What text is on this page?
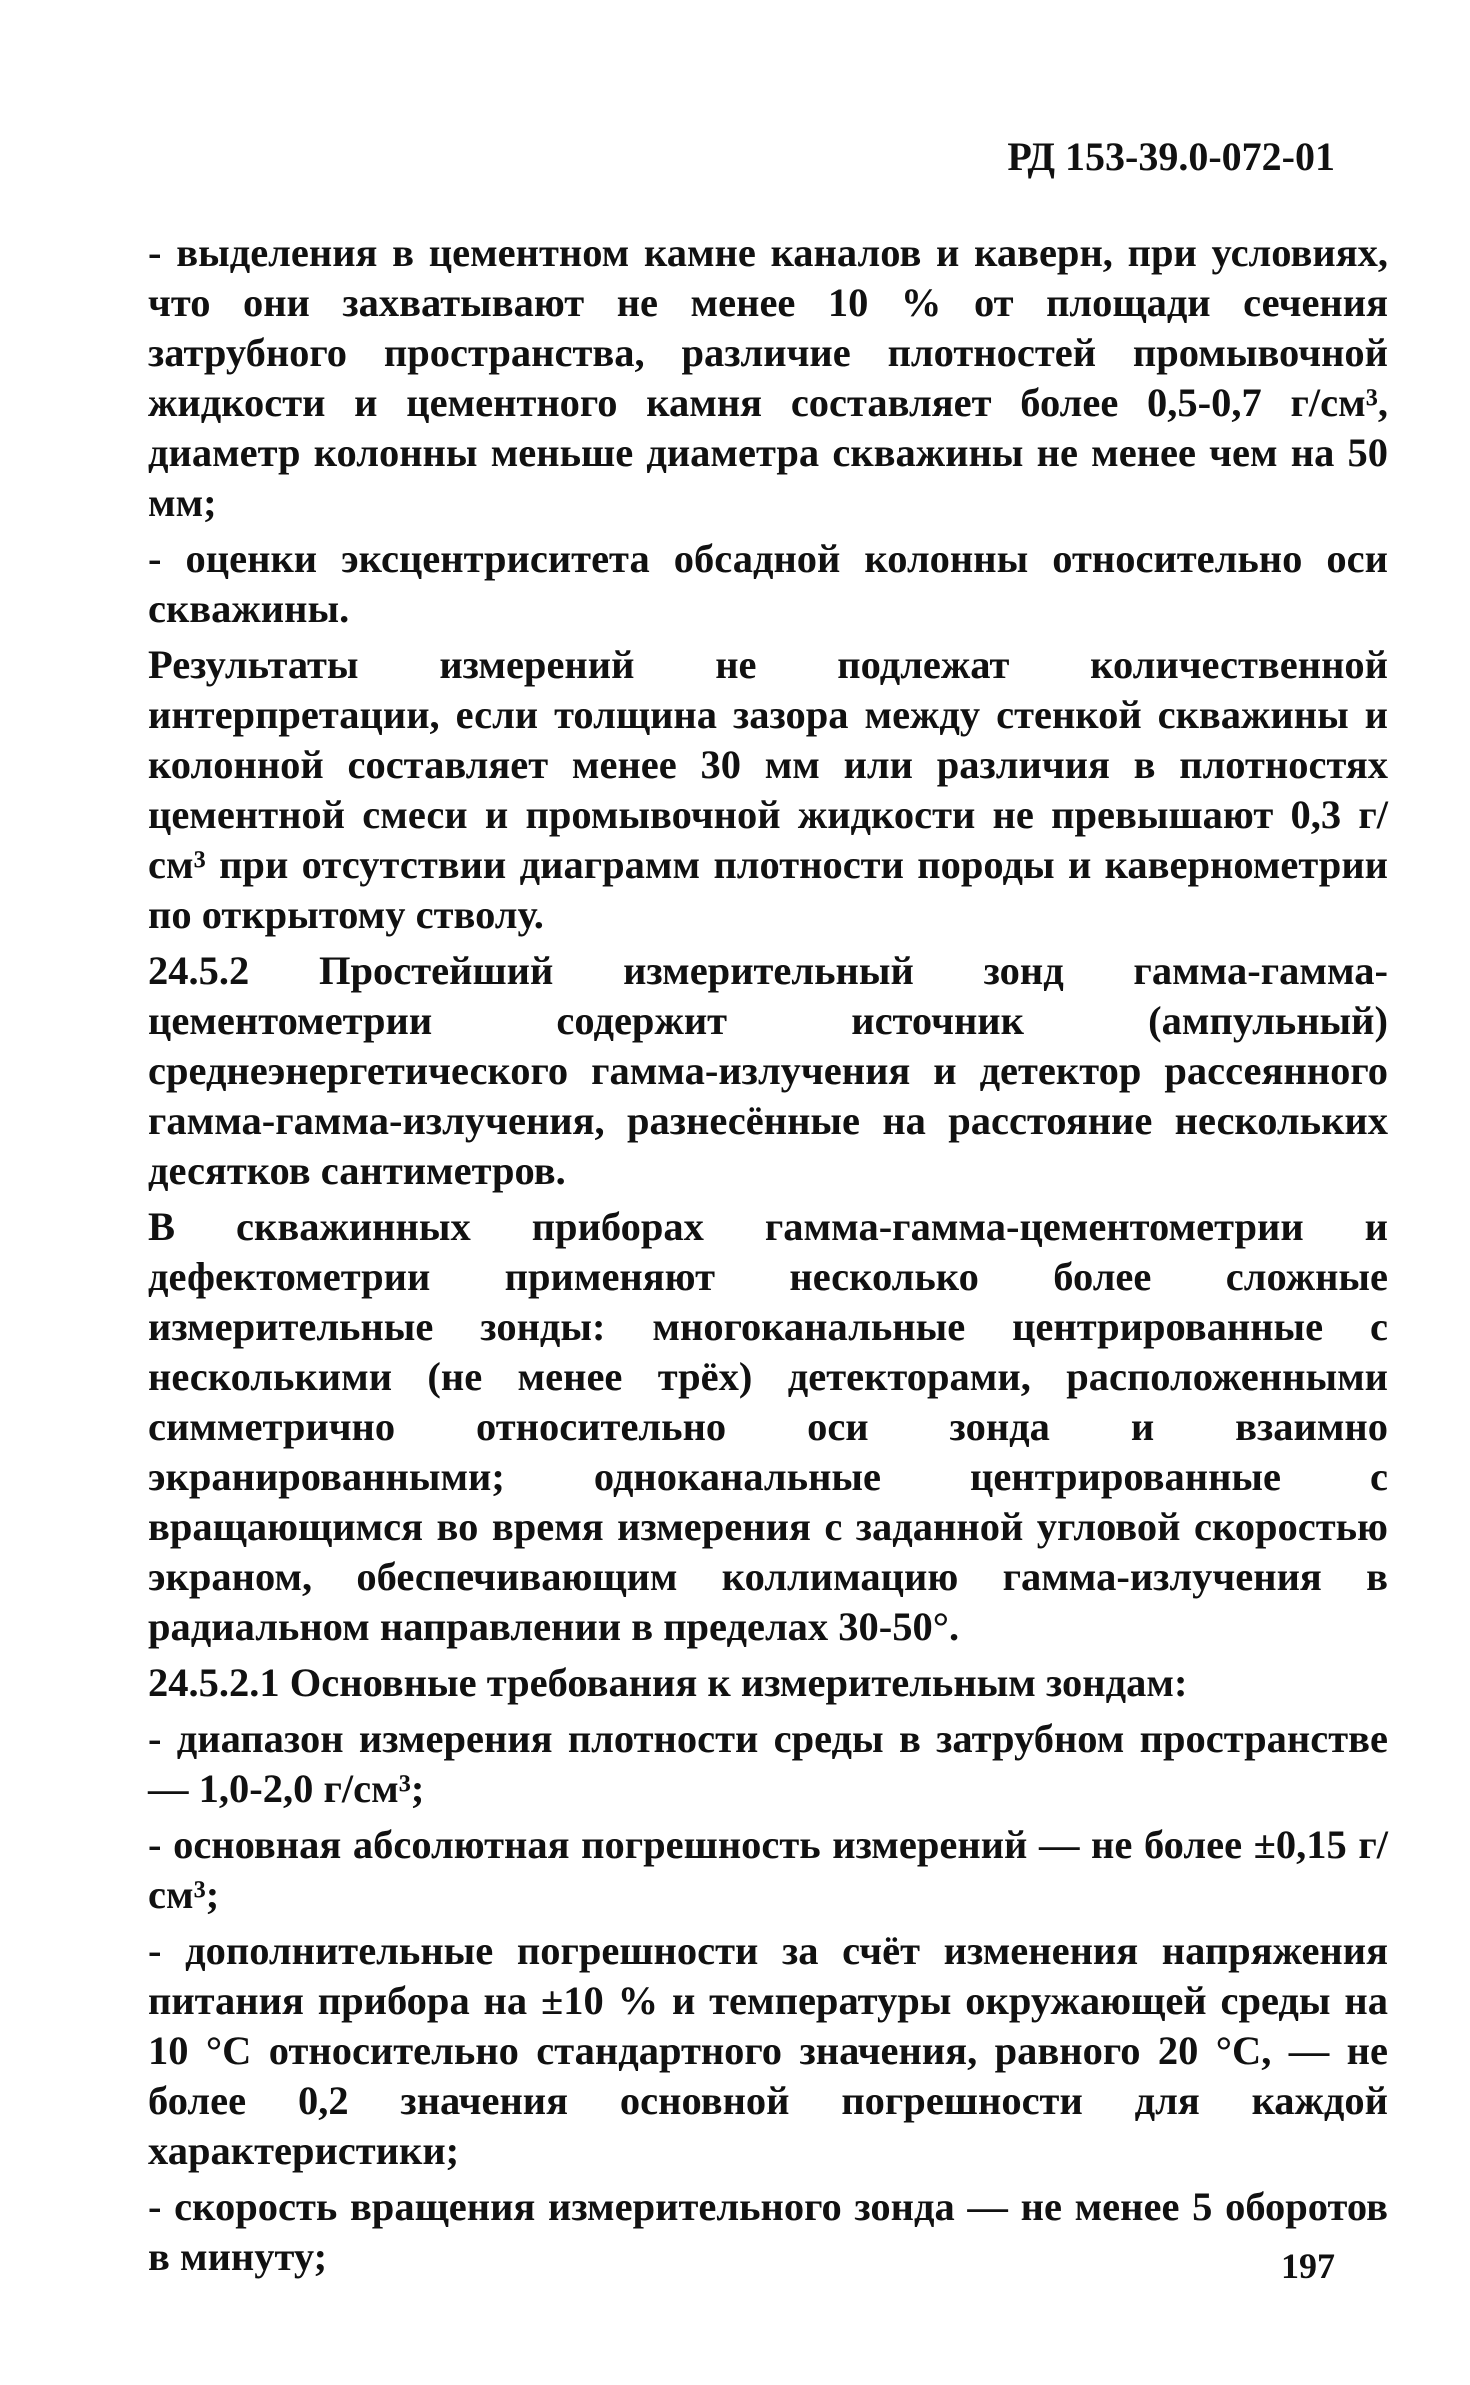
РД 153-39.0-072-01

- выделения в цементном камне каналов и каверн, при условиях, что они захватывают не менее 10 % от площади сечения затрубного пространства, различие плотностей промывочной жидкости и цементного камня составляет более 0,5-0,7 г/см³, диаметр колонны меньше диаметра скважины не менее чем на 50 мм;

- оценки эксцентриситета обсадной колонны относительно оси скважины.

Результаты измерений не подлежат количественной интерпретации, если толщина зазора между стенкой скважины и колонной составляет менее 30 мм или различия в плотностях цементной смеси и промывочной жидкости не превышают 0,3 г/см³ при отсутствии диаграмм плотности породы и кавернометрии по открытому стволу.

24.5.2 Простейший измерительный зонд гамма-гамма-цементометрии содержит источник (ампульный) среднеэнергетического гамма-излучения и детектор рассеянного гамма-гамма-излучения, разнесённые на расстояние нескольких десятков сантиметров.

В скважинных приборах гамма-гамма-цементометрии и дефектометрии применяют несколько более сложные измерительные зонды: многоканальные центрированные с несколькими (не менее трёх) детекторами, расположенными симметрично относительно оси зонда и взаимно экранированными; одноканальные центрированные с вращающимся во время измерения с заданной угловой скоростью экраном, обеспечивающим коллимацию гамма-излучения в радиальном направлении в пределах 30-50°.

24.5.2.1 Основные требования к измерительным зондам:

- диапазон измерения плотности среды в затрубном пространстве — 1,0-2,0 г/см³;

- основная абсолютная погрешность измерений — не более ±0,15 г/см³;

- дополнительные погрешности за счёт изменения напряжения питания прибора на ±10 % и температуры окружающей среды на 10 °С относительно стандартного значения, равного 20 °С, — не более 0,2 значения основной погрешности для каждой характеристики;

- скорость вращения измерительного зонда — не менее 5 оборотов в минуту;	197
